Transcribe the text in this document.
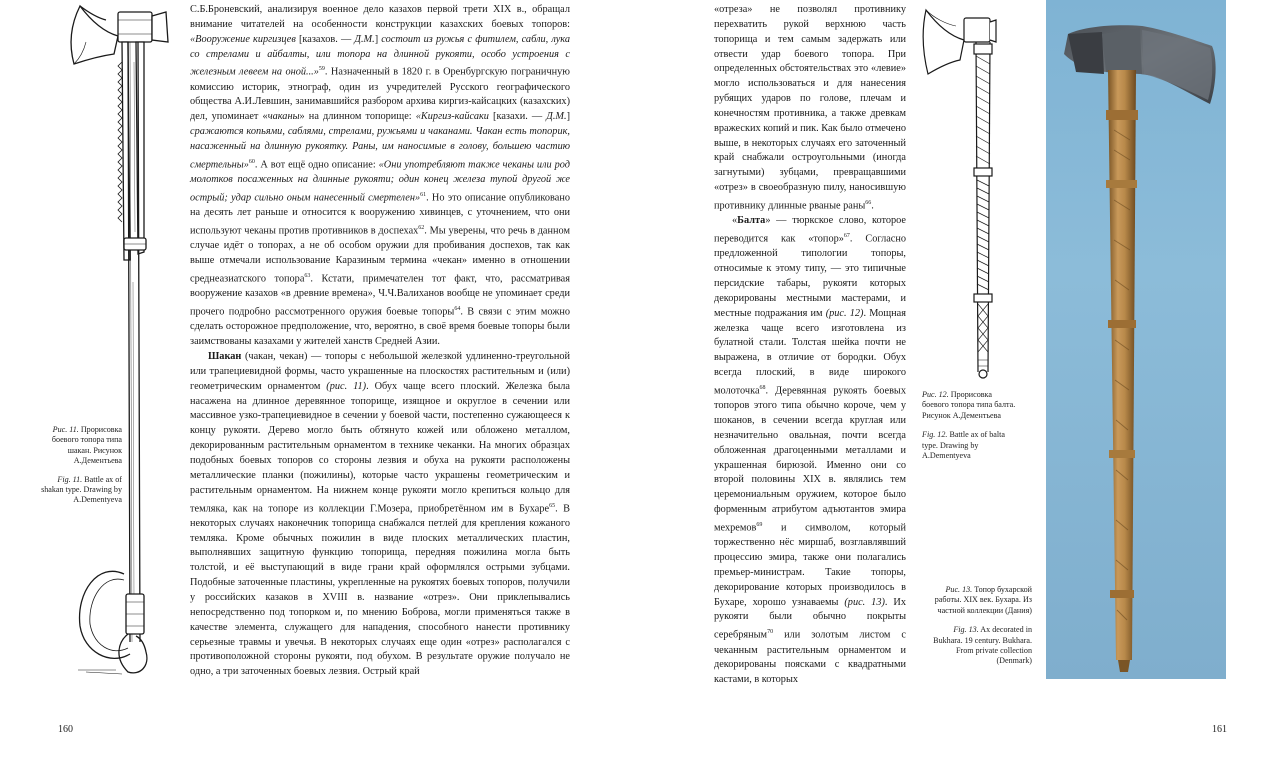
Рис. 11. Прорисовка боевого топора типа шакан. Рисунок А.Дементьева
Fig. 11. Battle ax of shakan type. Drawing by A.Dementyeva

С.Б.Броневский, анализируя военное дело казахов первой трети XIX в., обращал внимание читателей на особенности конструкции казахских боевых топоров: «Вооружение киргизцев [казахов. — Д.М.] состоит из ружья с фитилем, сабли, лука со стрелами и айбалты, или топора на длинной рукояти, особо устроения с железным левеем на оной...»$^{59}$. Назначенный в 1820 г. в Оренбургскую пограничную комиссию историк, этнограф, один из учредителей Русского географического общества А.И.Левшин, занимавшийся разбором архива киргиз-кайсацких (казахских) дел, упоминает «чаканы» на длинном топорище: «Киргиз-кайсаки [казахи. — Д.М.] сражаются копьями, саблями, стрелами, ружьями и чаканами. Чакан есть топорик, насаженный на длинную рукоятку. Раны, им наносимые в голову, большею частию смертельны»$^{60}$. А вот ещё одно описание: «Они употребляют также чеканы или род молотков посаженных на длинные рукояти; один конец железа тупой другой же острый; удар сильно оным нанесенный смертелен»$^{61}$. Но это описание опубликовано на десять лет раньше и относится к вооружению хивинцев, с уточнением, что они используют чеканы против противников в доспехах$^{62}$. Мы уверены, что речь в данном случае идёт о топорах, а не об особом оружии для пробивания доспехов, так как выше отмечали использование Каразиным термина «чекан» именно в отношении среднеазиатского топора$^{63}$. Кстати, примечателен тот факт, что, рассматривая вооружение казахов «в древние времена», Ч.Ч.Валиханов вообще не упоминает среди прочего подробно рассмотренного оружия боевые топоры$^{64}$. В связи с этим можно сделать осторожное предположение, что, вероятно, в своё время боевые топоры были заимствованы казахами у жителей ханств Средней Азии.

Шакан (чакан, чекан) — топоры с небольшой железкой удлиненно-треугольной или трапециевидной формы, часто украшенные на плоскостях растительным и (или) геометрическим орнаментом (рис. 11). Обух чаще всего плоский. Железка была насажена на длинное деревянное топорище, изящное и округлое в сечении или массивное узко-трапециевидное в сечении у боевой части, постепенно сужающееся к концу рукояти. Дерево могло быть обтянуто кожей или обложено металлом, декорированным растительным орнаментом в технике чеканки. На многих образцах подобных боевых топоров со стороны лезвия и обуха на рукояти расположены металлические планки (пожилины), которые часто украшены геометрическим и растительным орнаментом. На нижнем конце рукояти могло крепиться кольцо для темляка, как на топоре из коллекции Г.Мозера, приобретённом им в Бухаре$^{65}$. В некоторых случаях наконечник топорища снабжался петлей для крепления кожаного темляка. Кроме обычных пожилин в виде плоских металлических пластин, выполнявших защитную функцию топорища, передняя пожилина могла быть толстой, и её выступающий в виде грани край оформлялся острыми зубцами. Подобные заточенные пластины, укрепленные на рукоятях боевых топоров, получили у российских казаков в XVIII в. название «отрез». Они приклепывались непосредственно под топорком и, по мнению Боброва, могли применяться также в качестве элемента, служащего для нападения, способного нанести противнику серьезные травмы и увечья. В некоторых случаях еще один «отрез» располагался с противоположной стороны рукояти, под обухом. В результате оружие получало не одно, а три заточенных боевых лезвия. Острый край

160

«отреза» не позволял противнику перехватить рукой верхнюю часть топорища и тем самым задержать или отвести удар боевого топора. При определенных обстоятельствах это «левие» могло использоваться и для нанесения рубящих ударов по голове, плечам и конечностям противника, а также древкам вражеских копий и пик. Как было отмечено выше, в некоторых случаях его заточенный край снабжали остроугольными (иногда загнутыми) зубцами, превращавшими «отрез» в своеобразную пилу, наносившую противнику длинные рваные раны$^{66}$.

«Балта» — тюркское слово, которое переводится как «топор»$^{67}$. Согласно предложенной типологии топоры, относимые к этому типу, — это типичные персидские табары, рукояти которых декорированы местными мастерами, и местные подражания им (рис. 12). Мощная железка чаще всего изготовлена из булатной стали. Толстая шейка почти не выражена, в отличие от бородки. Обух всегда плоский, в виде широкого молоточка$^{68}$. Деревянная рукоять боевых топоров этого типа обычно короче, чем у шоканов, в сечении всегда круглая или незначительно овальная, почти всегда обложенная драгоценными металлами и украшенная бирюзой. Именно они со второй половины XIX в. являлись тем церемониальным оружием, которое было форменным атрибутом адъютантов эмира мехремов$^{69}$ и символом, который торжественно нёс миршаб, возглавлявший процессию эмира, также они полагались премьер-министрам. Такие топоры, декорирование которых производилось в Бухаре, хорошо узнаваемы (рис. 13). Их рукояти были обычно покрыты серебряным$^{70}$ или золотым листом с чеканным растительным орнаментом и декорированы поясками с квадратными кастами, в которых

Рис. 12. Прорисовка боевого топора типа балта. Рисунок А.Дементьева
Fig. 12. Battle ax of balta type. Drawing by A.Dementyeva
Рис. 13. Топор бухарской работы. XIX век. Бухара. Из частной коллекции (Дания)
Fig. 13. Ax decorated in Bukhara. 19 century. Bukhara. From private collection (Denmark)
161
